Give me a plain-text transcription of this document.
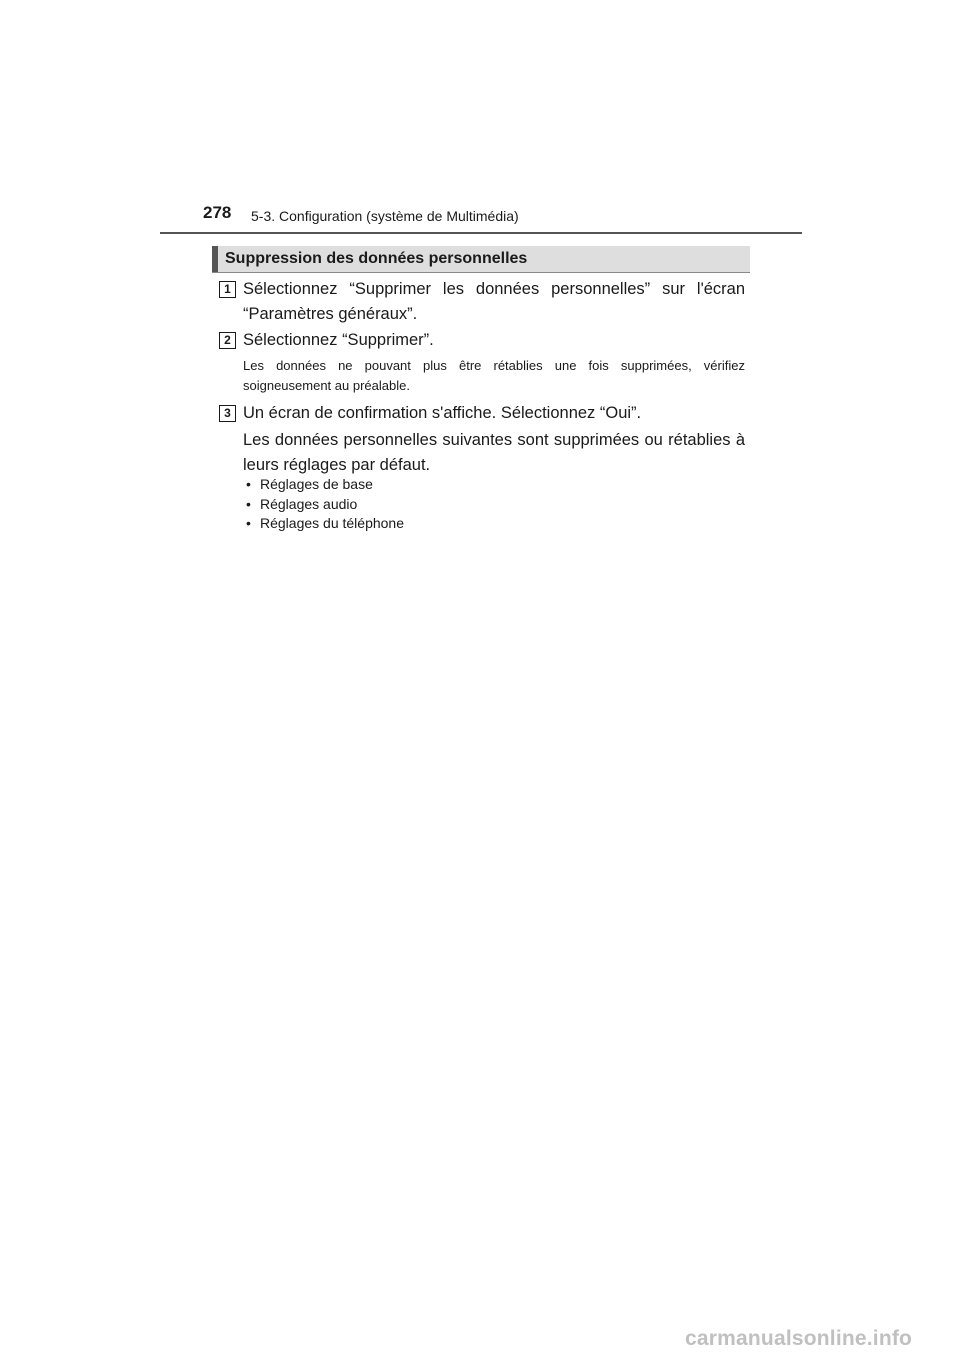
278 5-3. Configuration (système de Multimédia)
Suppression des données personnelles
1 Sélectionnez “Supprimer les données personnelles” sur l'écran “Paramètres généraux”.
2 Sélectionnez “Supprimer”.
Les données ne pouvant plus être rétablies une fois supprimées, vérifiez soigneusement au préalable.
3 Un écran de confirmation s'affiche. Sélectionnez “Oui”.
Les données personnelles suivantes sont supprimées ou rétablies à leurs réglages par défaut.
• Réglages de base
• Réglages audio
• Réglages du téléphone
carmanualsonline.info
